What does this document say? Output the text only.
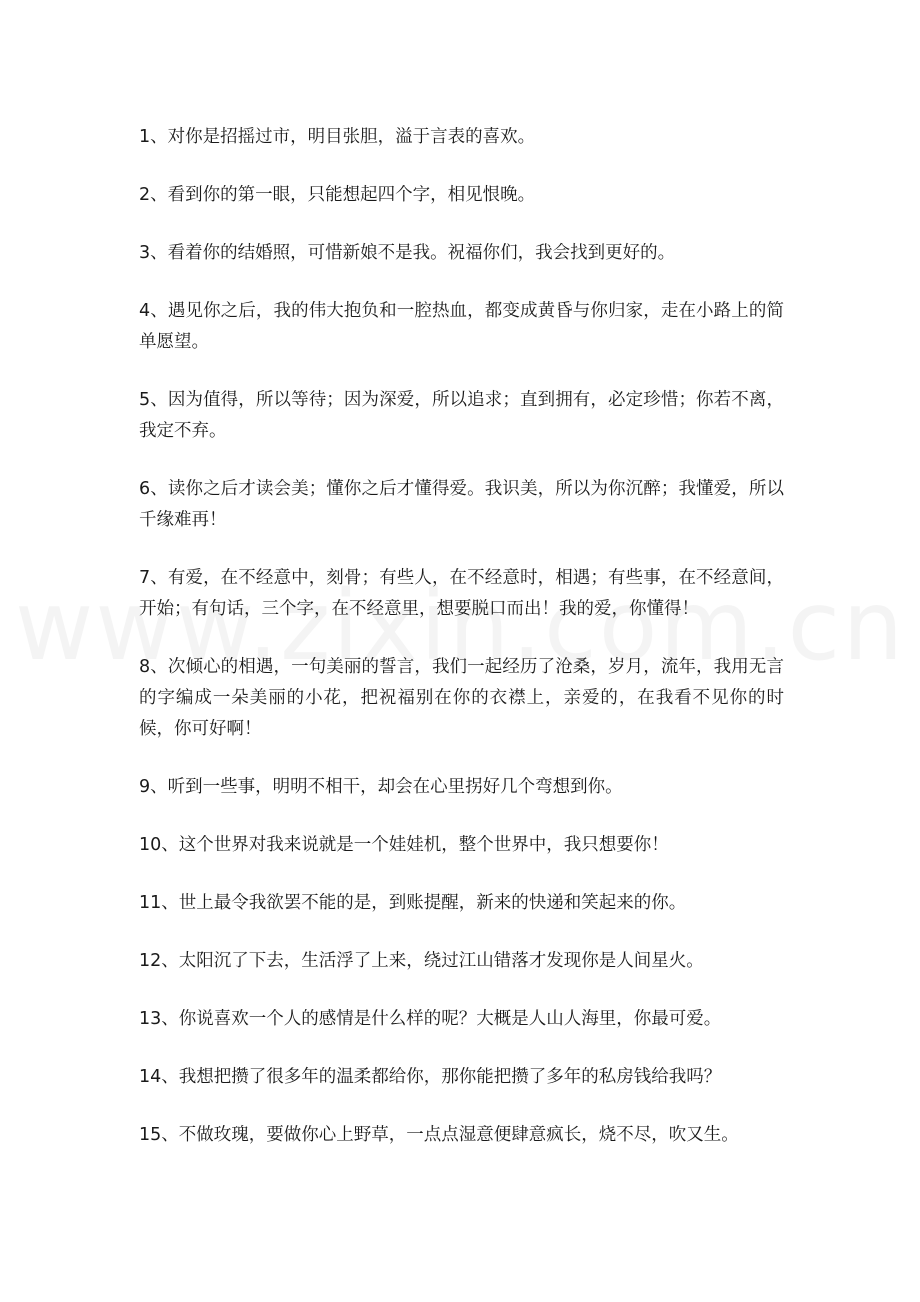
1、对你是招摇过市，明目张胆，溢于言表的喜欢。

2、看到你的第一眼，只能想起四个字，相见恨晚。

3、看着你的结婚照，可惜新娘不是我。祝福你们，我会找到更好的。

4、遇见你之后，我的伟大抱负和一腔热血，都变成黄昏与你归家，走在小路上的简单愿望。

5、因为值得，所以等待；因为深爱，所以追求；直到拥有，必定珍惜；你若不离，我定不弃。

6、读你之后才读会美；懂你之后才懂得爱。我识美，所以为你沉醉；我懂爱，所以千缘难再！

7、有爱，在不经意中，刻骨；有些人，在不经意时，相遇；有些事，在不经意间，开始；有句话，三个字，在不经意里，想要脱口而出！我的爱，你懂得！

8、次倾心的相遇，一句美丽的誓言，我们一起经历了沧桑，岁月，流年，我用无言的字编成一朵美丽的小花，把祝福别在你的衣襟上，亲爱的，在我看不见你的时候，你可好啊！

9、听到一些事，明明不相干，却会在心里拐好几个弯想到你。

10、这个世界对我来说就是一个娃娃机，整个世界中，我只想要你！

11、世上最令我欲罢不能的是，到账提醒，新来的快递和笑起来的你。

12、太阳沉了下去，生活浮了上来，绕过江山错落才发现你是人间星火。

13、你说喜欢一个人的感情是什么样的呢？大概是人山人海里，你最可爱。

14、我想把攒了很多年的温柔都给你，那你能把攒了多年的私房钱给我吗？

15、不做玫瑰，要做你心上野草，一点点湿意便肆意疯长，烧不尽，吹又生。
